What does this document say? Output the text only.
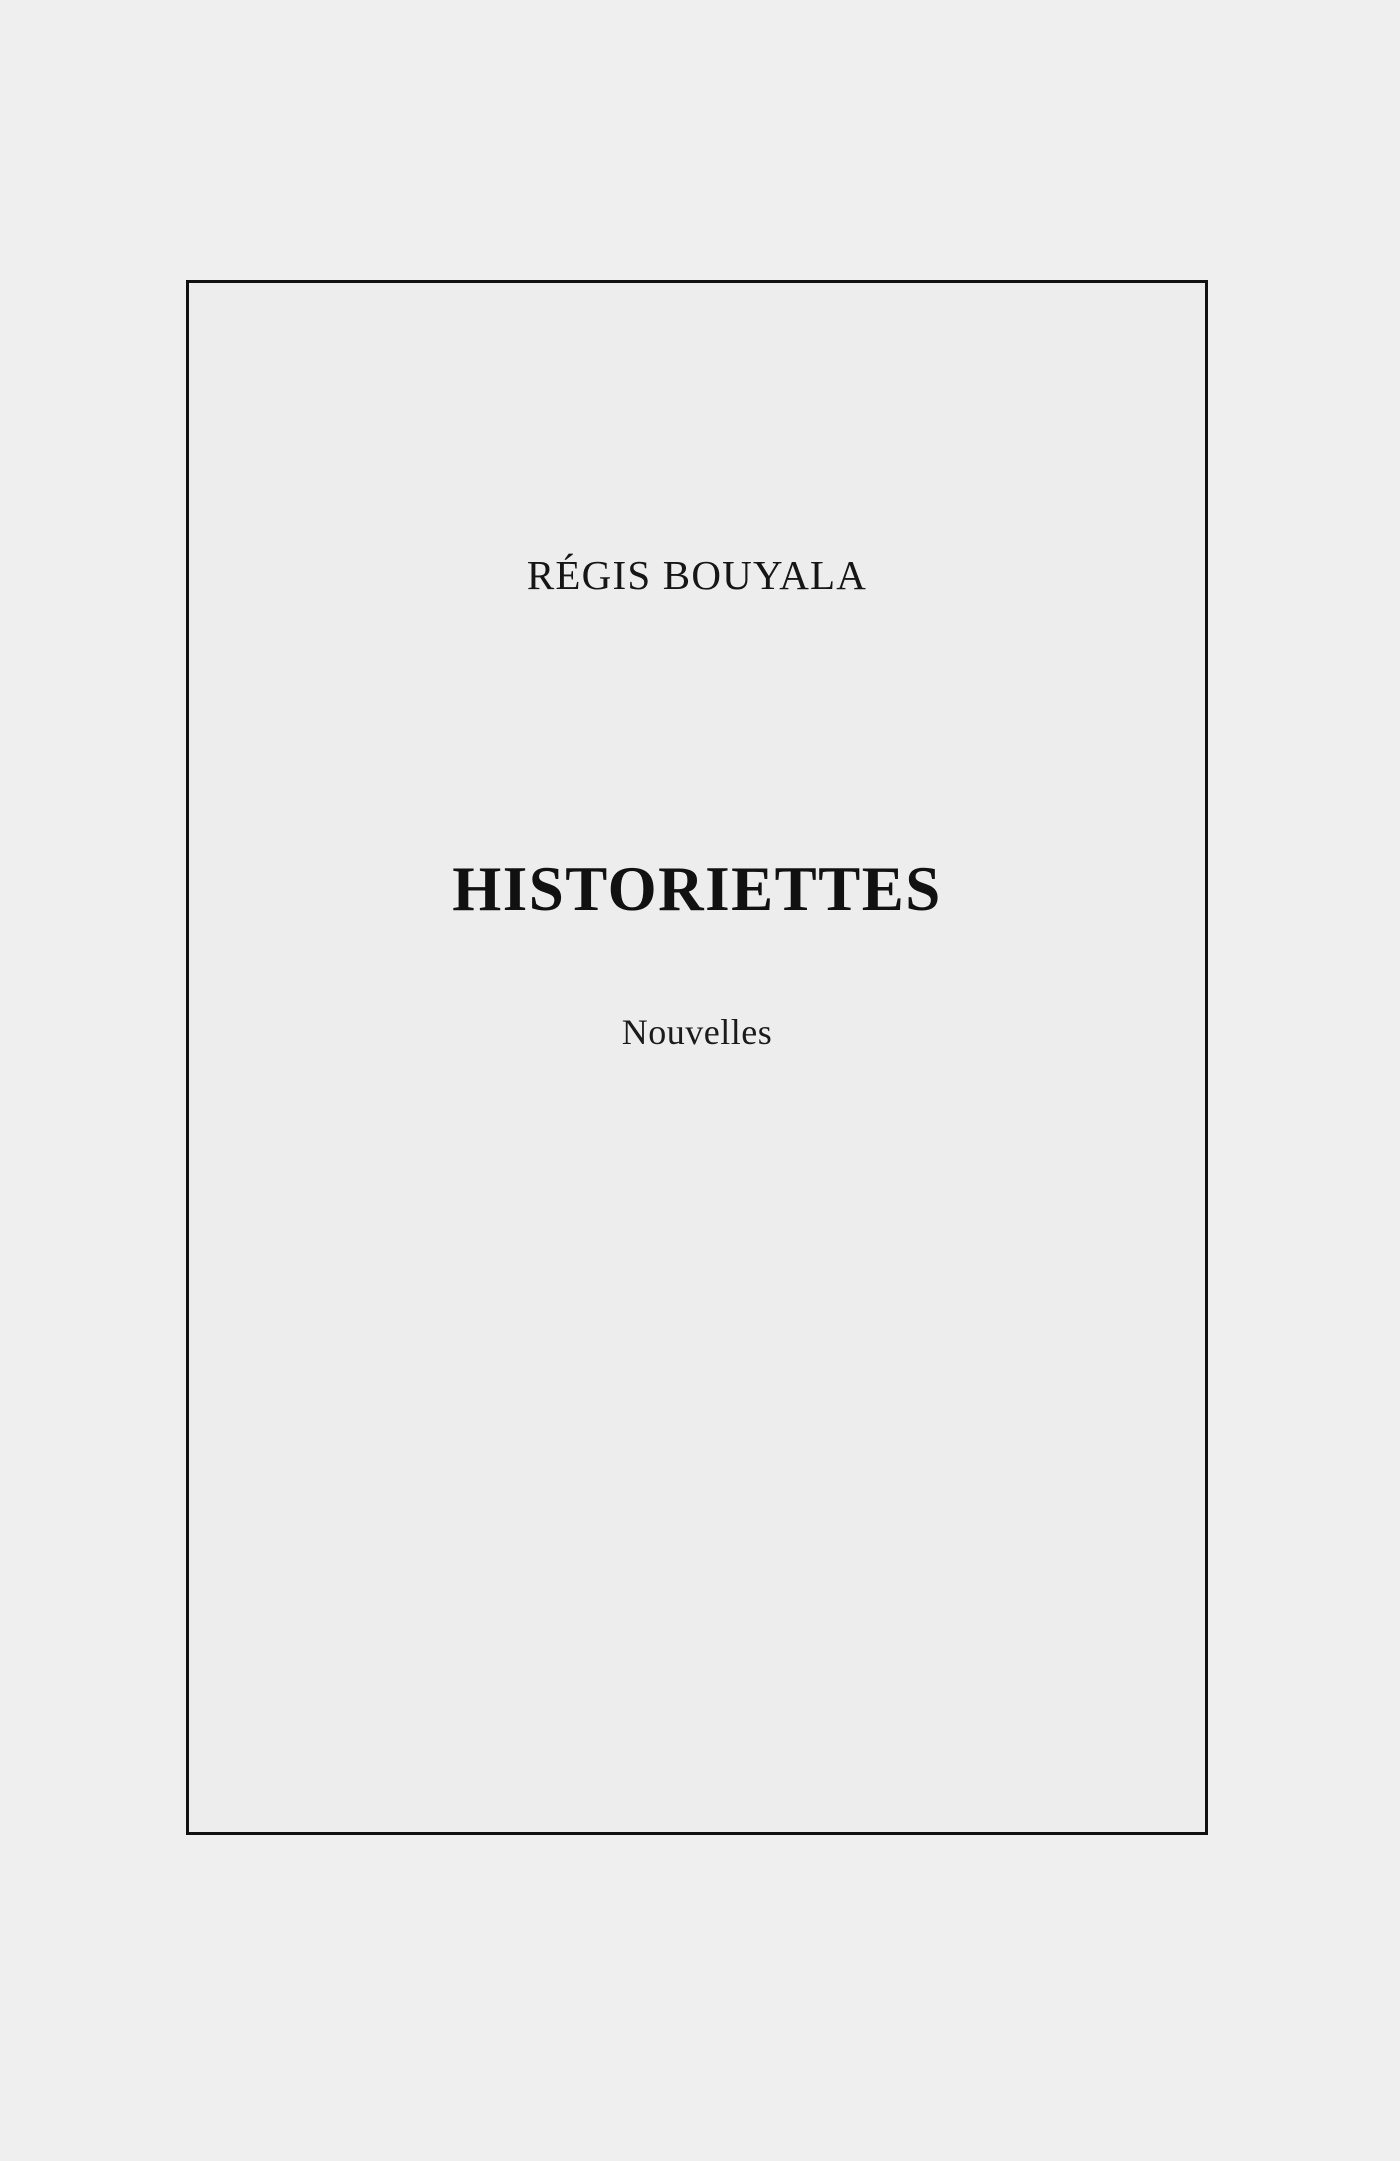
RÉGIS BOUYALA
HISTORIETTES
Nouvelles
